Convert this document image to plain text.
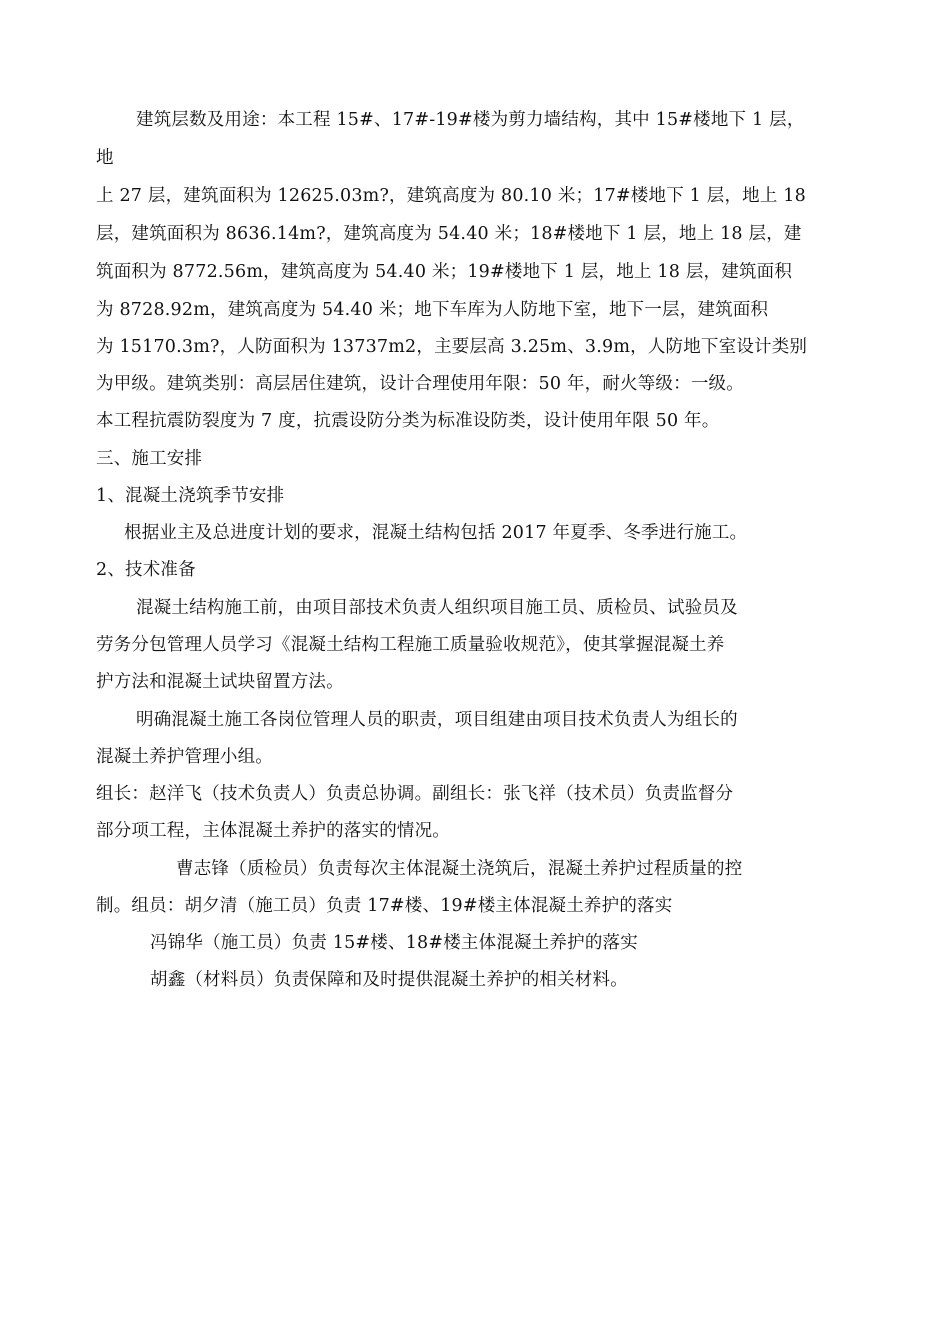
建筑层数及用途：本工程 15#、17#-19#楼为剪力墙结构，其中 15#楼地下 1 层，
地
上 27 层，建筑面积为 12625.03m?，建筑高度为 80.10 米；17#楼地下 1 层，地上 18
层，建筑面积为 8636.14m?，建筑高度为 54.40 米；18#楼地下 1 层，地上 18 层，建
筑面积为 8772.56m，建筑高度为 54.40 米；19#楼地下 1 层，地上 18 层，建筑面积
为 8728.92m，建筑高度为 54.40 米；地下车库为人防地下室，地下一层，建筑面积
为 15170.3m?，人防面积为 13737m2，主要层高 3.25m、3.9m，人防地下室设计类别
为甲级。建筑类别：高层居住建筑，设计合理使用年限：50 年，耐火等级：一级。
本工程抗震防裂度为 7 度，抗震设防分类为标准设防类，设计使用年限 50 年。
三、施工安排
1、混凝土浇筑季节安排
根据业主及总进度计划的要求，混凝土结构包括 2017 年夏季、冬季进行施工。
2、技术准备
混凝土结构施工前，由项目部技术负责人组织项目施工员、质检员、试验员及
劳务分包管理人员学习《混凝土结构工程施工质量验收规范》，使其掌握混凝土养
护方法和混凝土试块留置方法。
明确混凝土施工各岗位管理人员的职责，项目组建由项目技术负责人为组长的
混凝土养护管理小组。
组长：赵洋飞（技术负责人）负责总协调。副组长：张飞祥（技术员）负责监督分
部分项工程，主体混凝土养护的落实的情况。
曹志锋（质检员）负责每次主体混凝土浇筑后，混凝土养护过程质量的控
制。组员：胡夕清（施工员）负责 17#楼、19#楼主体混凝土养护的落实
冯锦华（施工员）负责 15#楼、18#楼主体混凝土养护的落实
胡鑫（材料员）负责保障和及时提供混凝土养护的相关材料。
